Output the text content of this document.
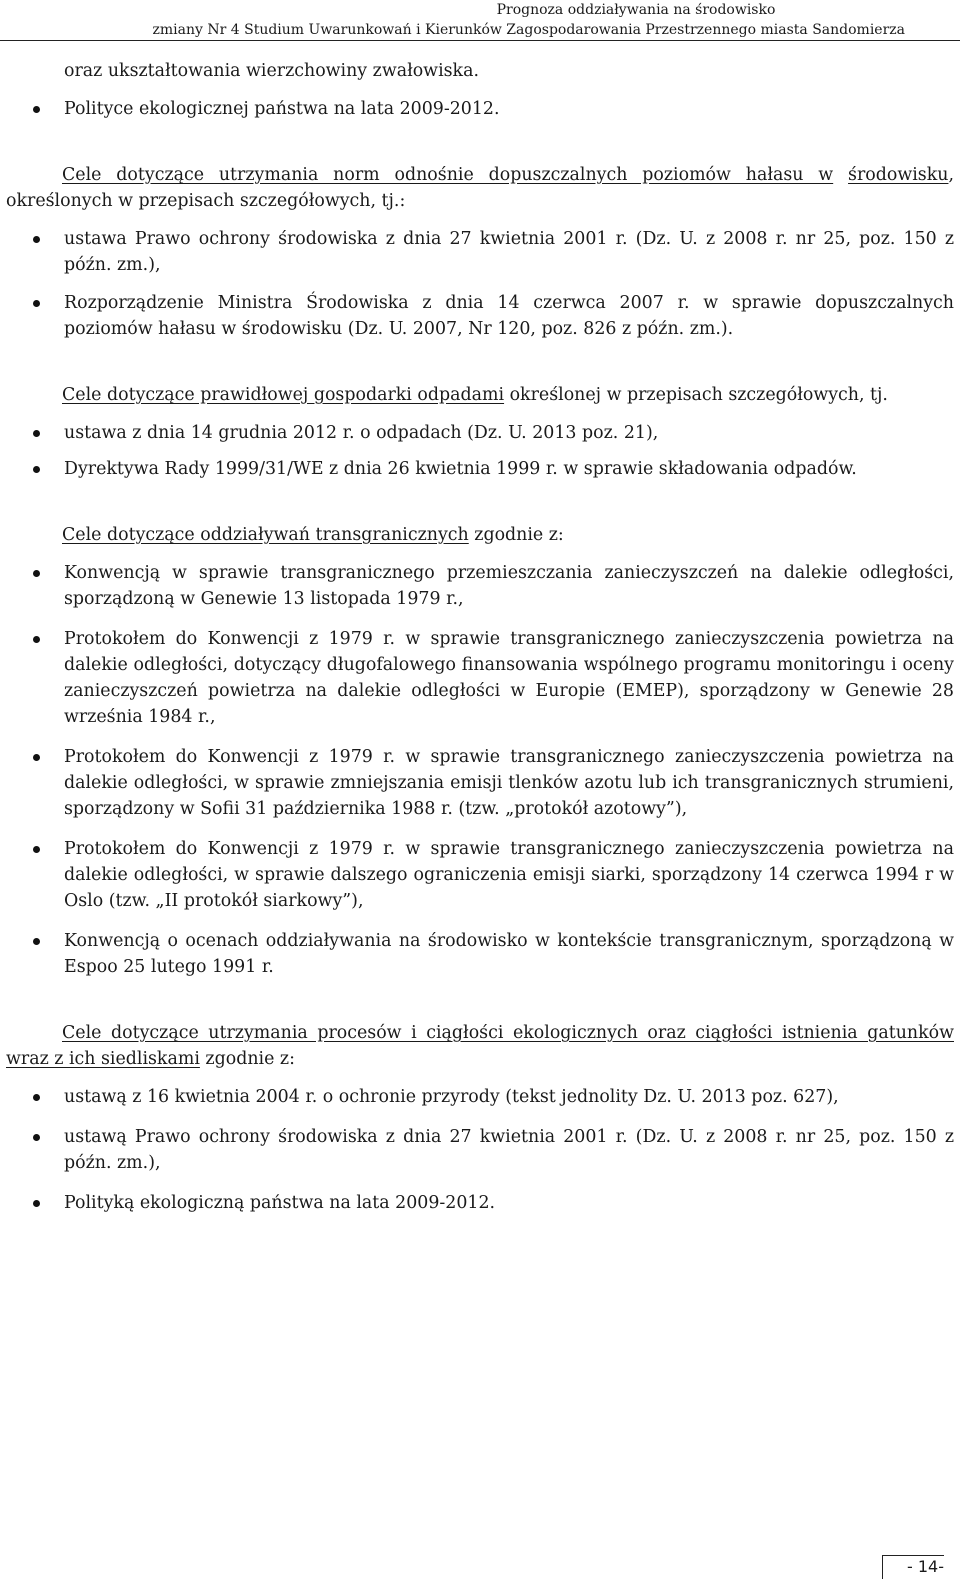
Prognoza oddziaływania na środowisko
zmiany Nr 4 Studium Uwarunkowań i Kierunków Zagospodarowania Przestrzennego miasta Sandomierza
oraz ukształtowania wierzchowiny zwałowiska.
Polityce ekologicznej państwa na lata 2009-2012.
Cele dotyczące utrzymania norm odnośnie dopuszczalnych poziomów hałasu w środowisku, określonych w przepisach szczegółowych, tj.:
ustawa Prawo ochrony środowiska z dnia 27 kwietnia 2001 r. (Dz. U. z 2008 r. nr 25, poz. 150 z późn. zm.),
Rozporządzenie Ministra Środowiska z dnia 14 czerwca 2007 r. w sprawie dopuszczalnych poziomów hałasu w środowisku (Dz. U. 2007, Nr 120, poz. 826 z późn. zm.).
Cele dotyczące prawidłowej gospodarki odpadami określonej w przepisach szczegółowych, tj.
ustawa z dnia 14 grudnia 2012 r. o odpadach (Dz. U. 2013 poz. 21),
Dyrektywa Rady 1999/31/WE z dnia 26 kwietnia 1999 r. w sprawie składowania odpadów.
Cele dotyczące oddziaływań transgranicznych zgodnie z:
Konwencją w sprawie transgranicznego przemieszczania zanieczyszczeń na dalekie odległości, sporządzoną w Genewie 13 listopada 1979 r.,
Protokołem do Konwencji z 1979 r. w sprawie transgranicznego zanieczyszczenia powietrza na dalekie odległości, dotyczący długofalowego finansowania wspólnego programu monitoringu i oceny zanieczyszczeń powietrza na dalekie odległości w Europie (EMEP), sporządzony w Genewie 28 września 1984 r.,
Protokołem do Konwencji z 1979 r. w sprawie transgranicznego zanieczyszczenia powietrza na dalekie odległości, w sprawie zmniejszania emisji tlenków azotu lub ich transgranicznych strumieni, sporządzony w Sofii 31 października 1988 r. (tzw. „protokół azotowy”),
Protokołem do Konwencji z 1979 r. w sprawie transgranicznego zanieczyszczenia powietrza na dalekie odległości, w sprawie dalszego ograniczenia emisji siarki, sporządzony 14 czerwca 1994 r w Oslo (tzw. „II protokół siarkowy”),
Konwencją o ocenach oddziaływania na środowisko w kontekście transgranicznym, sporządzoną w Espoo 25 lutego 1991 r.
Cele dotyczące utrzymania procesów i ciągłości ekologicznych oraz ciągłości istnienia gatunków wraz z ich siedliskami zgodnie z:
ustawą z 16 kwietnia 2004 r. o ochronie przyrody (tekst jednolity Dz. U. 2013 poz. 627),
ustawą Prawo ochrony środowiska z dnia 27 kwietnia 2001 r. (Dz. U. z 2008 r. nr 25, poz. 150 z późn. zm.),
Polityką ekologiczną państwa na lata 2009-2012.
- 14-
